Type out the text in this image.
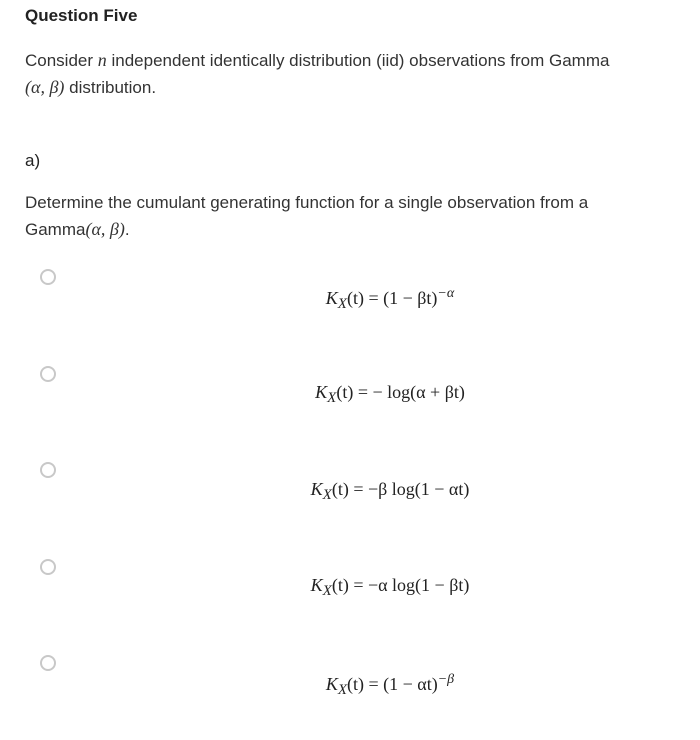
Question Five
Consider n independent identically distribution (iid) observations from Gamma
(α, β) distribution.
a)
Determine the cumulant generating function for a single observation from a
Gamma(α, β).
$K_X(t) = (1 - \beta t)^{-\alpha}$
$K_X(t)$ = − log(α + βt)
$K_X(t) = -\beta$ log(1 − αt)
$K_X(t) = -\alpha$ log(1 − βt)
$K_X(t) = (1 - \alpha t)^{-\beta}$
